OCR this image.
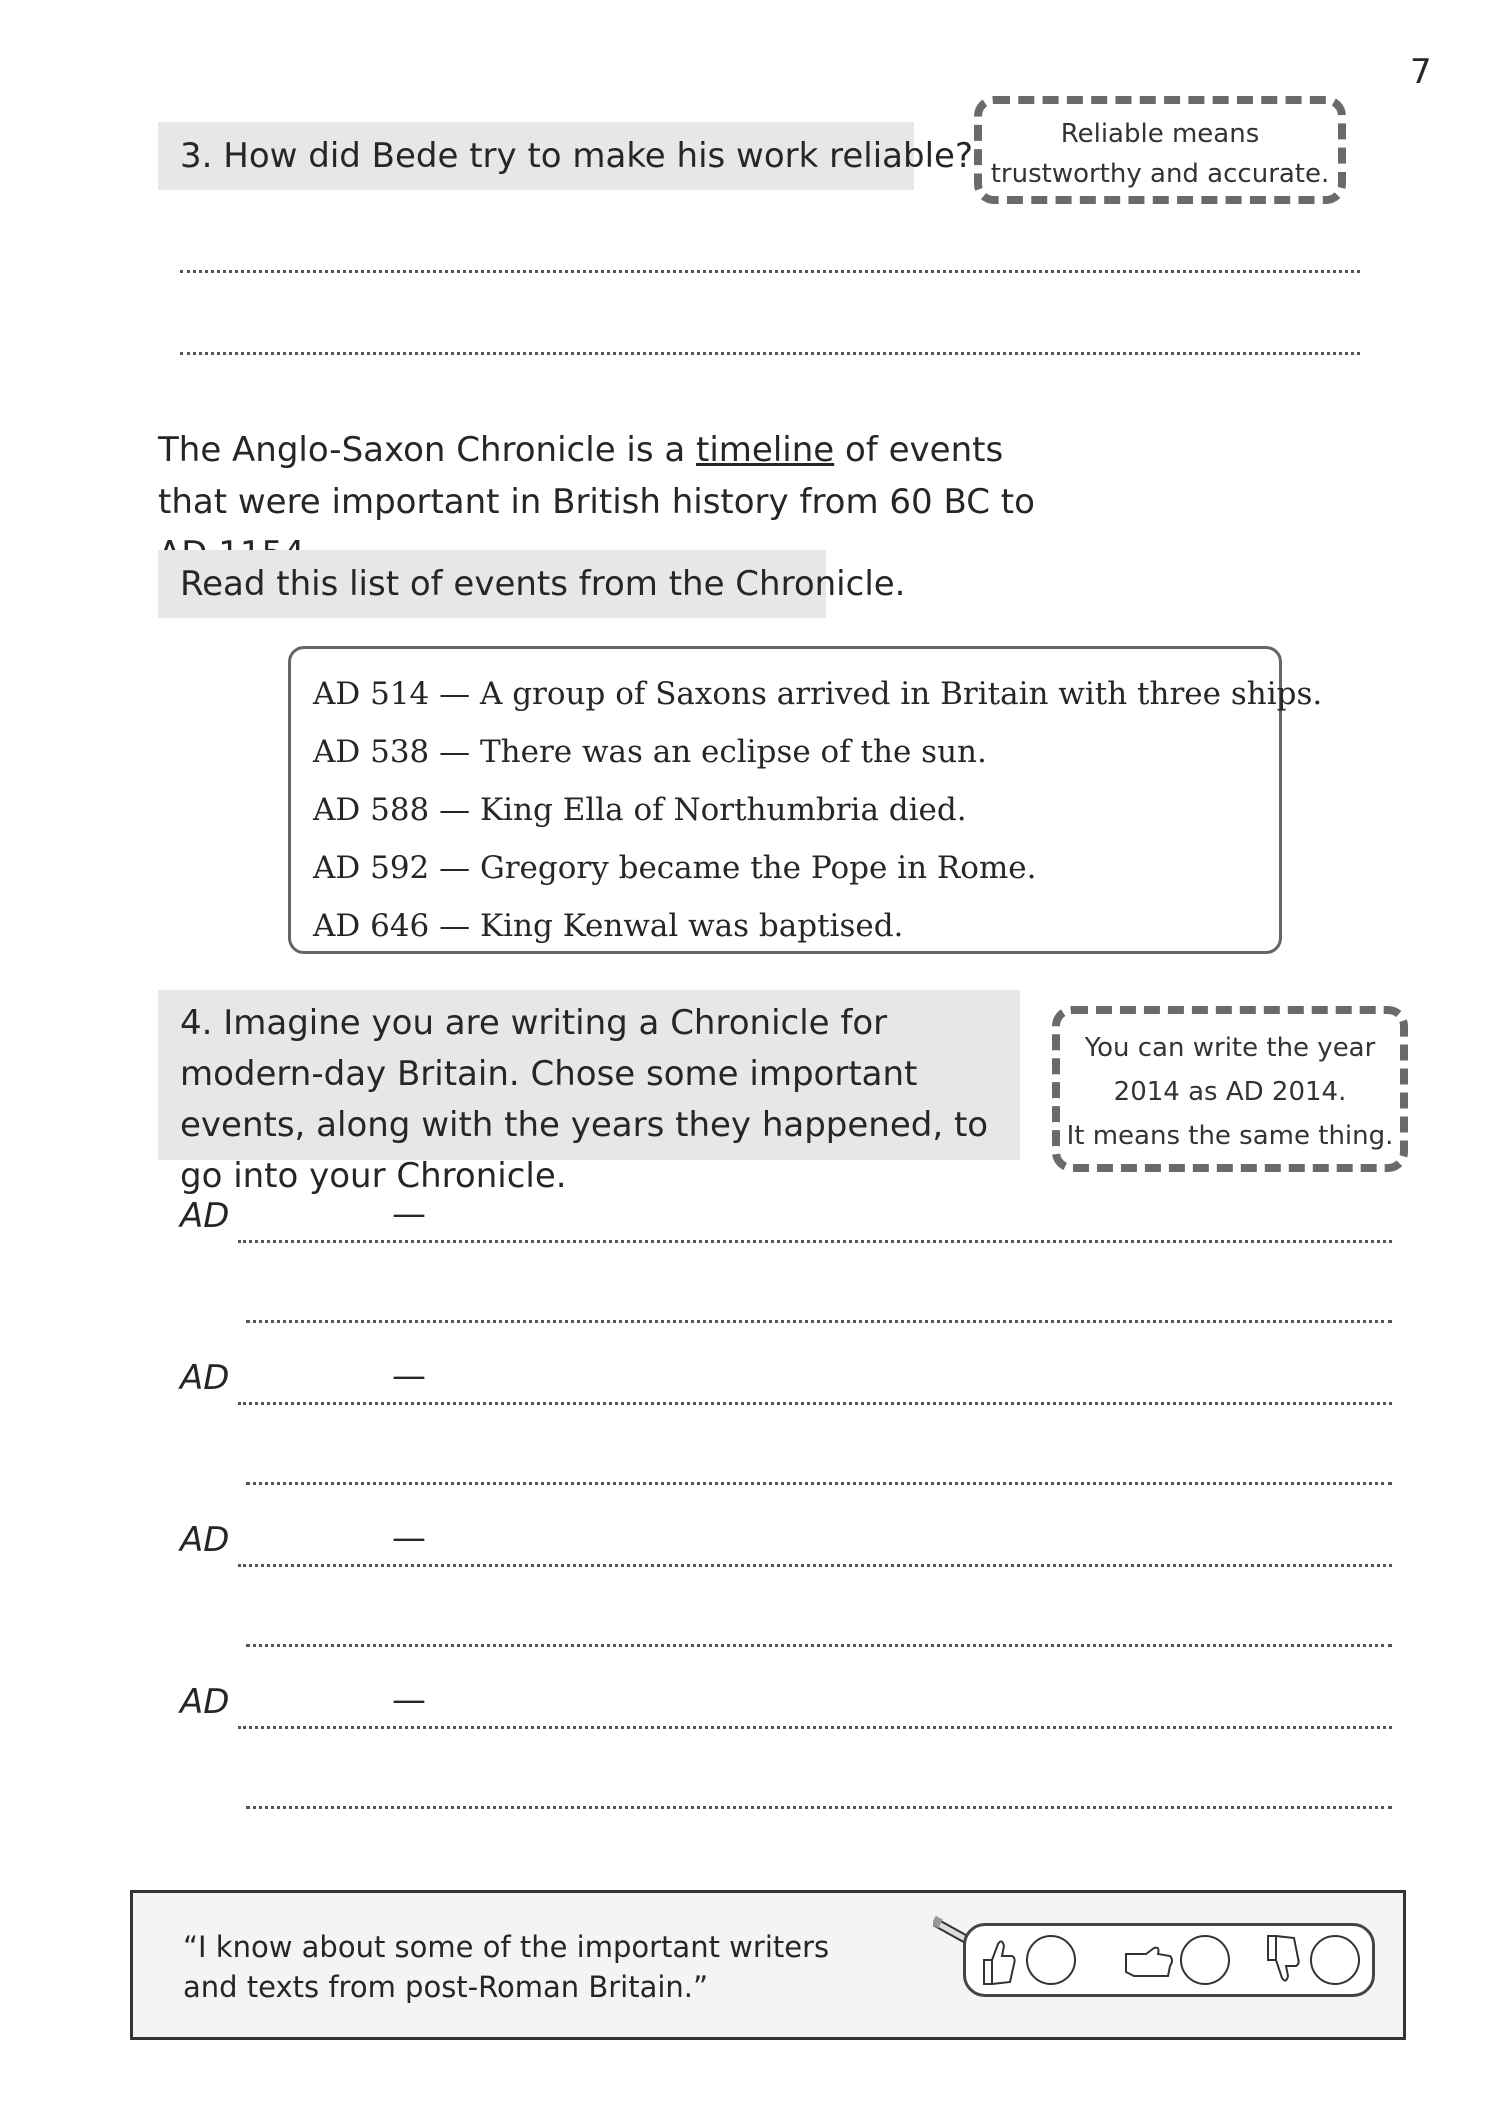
7
3. How did Bede try to make his work reliable?
Reliable means
trustworthy and accurate.
The Anglo-Saxon Chronicle is a timeline of events that were important in British history from 60 BC to
Read this list of events from the Chronicle.
AD 514 — A group of Saxons arrived in Britain with three ships.
AD 538 — There was an eclipse of the sun.
AD 588 — King Ella of Northumbria died.
AD 592 — Gregory became the Pope in Rome.
AD 646 — King Kenwal was baptised.
4. Imagine you are writing a Chronicle for modern-day Britain. Chose some important events, along with the years they happened, to go into your Chronicle.
You can write the year
2014 as AD 2014.
It means the same thing.
AD	—
AD	—
AD	—
AD	—
“I know about some of the important writers
and texts from post-Roman Britain.”
